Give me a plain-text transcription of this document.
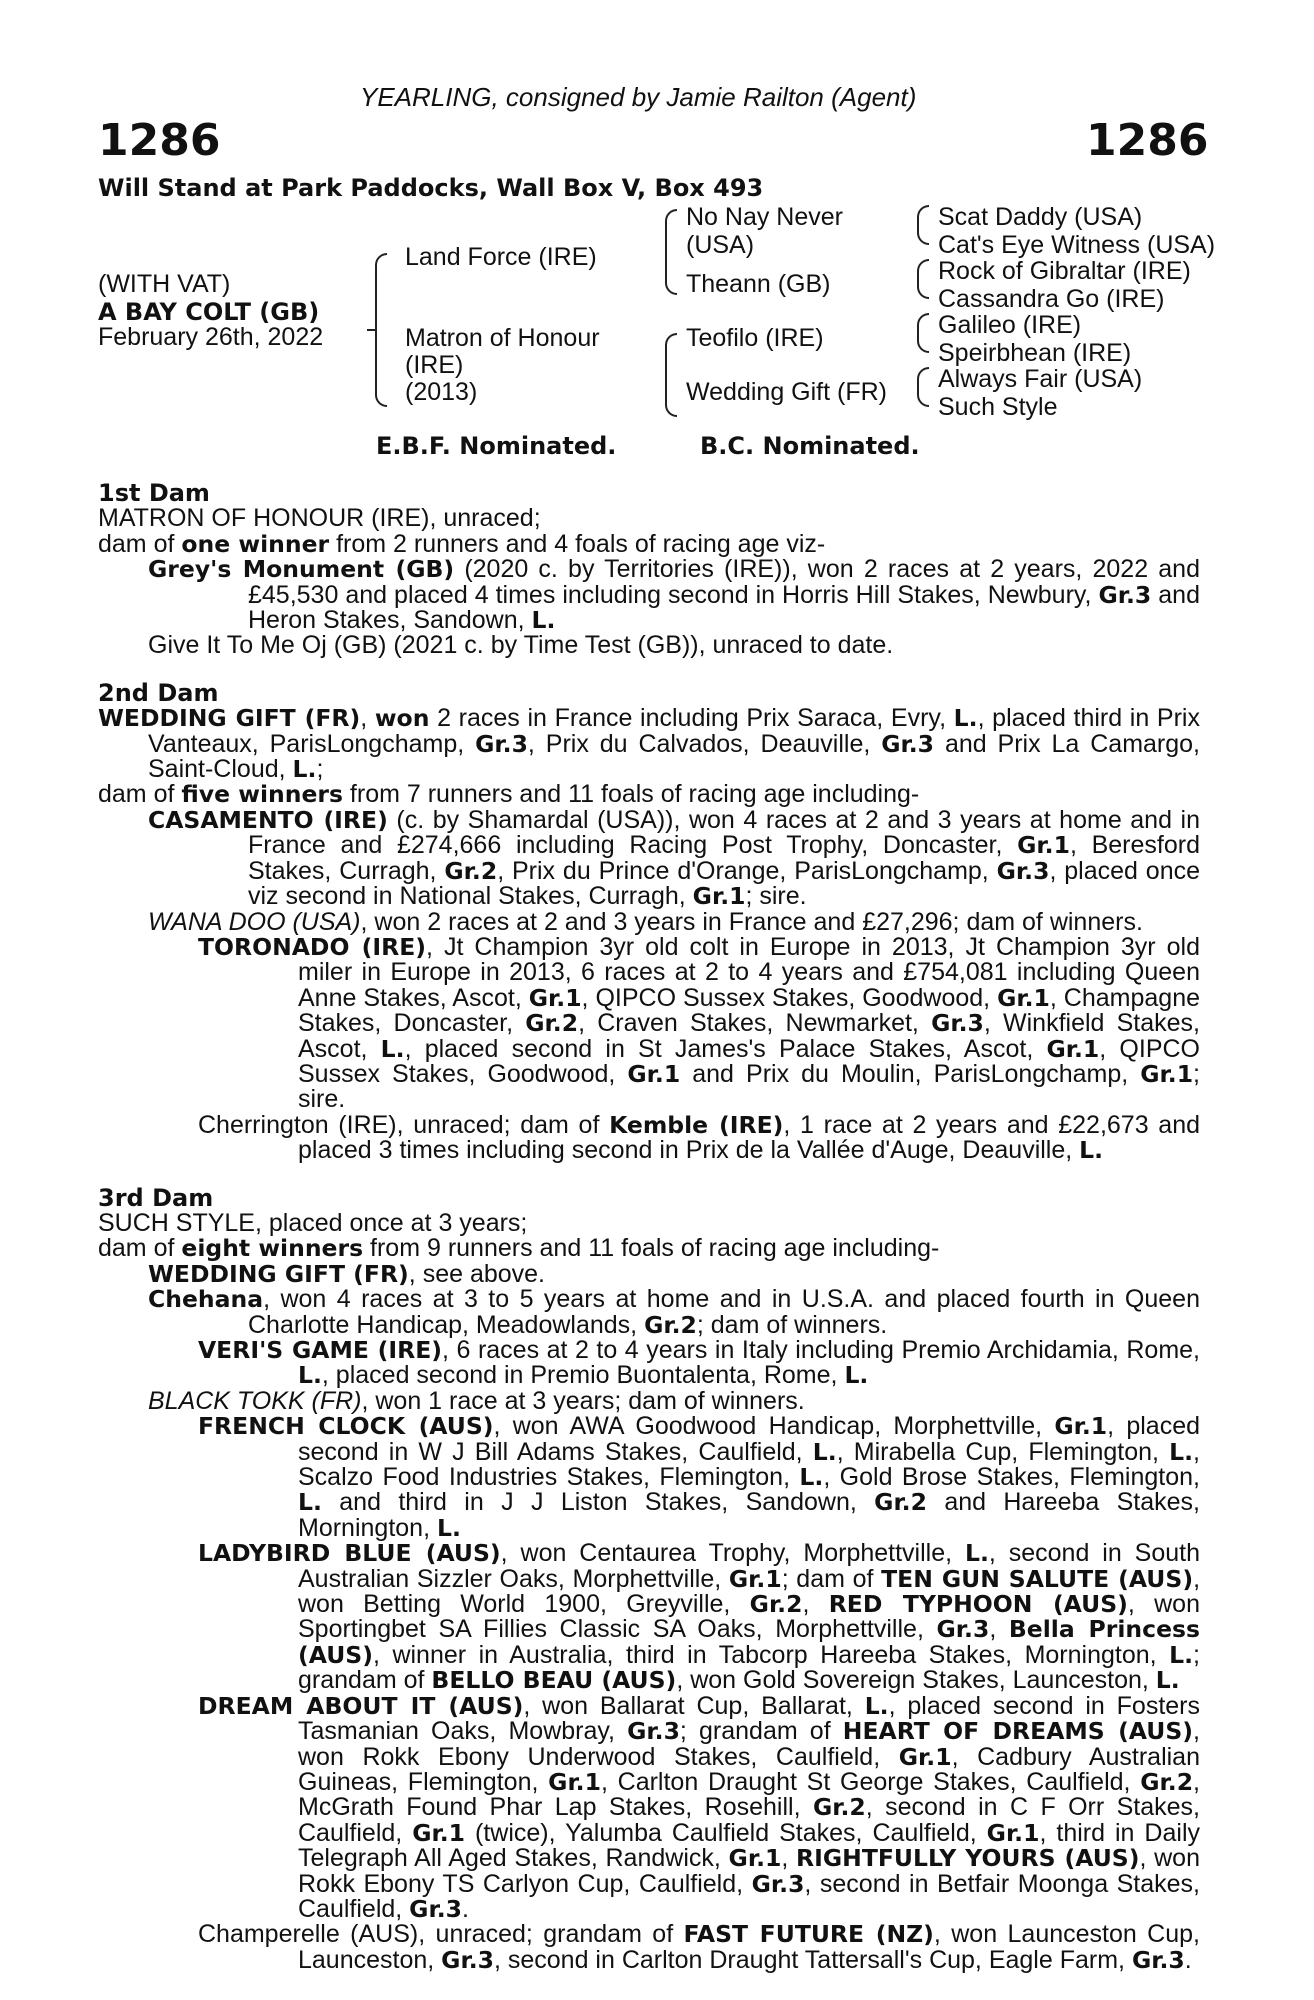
YEARLING, consigned by Jamie Railton (Agent)
1286	1286
Will Stand at Park Paddocks, Wall Box V, Box 493
(WITH VAT)
A BAY COLT (GB)
February 26th, 2022
Land Force (IRE)
Matron of Honour
(IRE)
(2013)
No Nay Never
(USA)
Theann (GB)
Teofilo (IRE)
Wedding Gift (FR)
Scat Daddy (USA)
Cat's Eye Witness (USA)
Rock of Gibraltar (IRE)
Cassandra Go (IRE)
Galileo (IRE)
Speirbhean (IRE)
Always Fair (USA)
Such Style
E.B.F. Nominated.	B.C. Nominated.

1st Dam

MATRON OF HONOUR (IRE), unraced;

dam of one winner from 2 runners and 4 foals of racing age viz-

Grey's Monument (GB) (2020 c. by Territories (IRE)), won 2 races at 2 years, 2022 and £45,530 and placed 4 times including second in Horris Hill Stakes, Newbury, Gr.3 and Heron Stakes, Sandown, L.

Give It To Me Oj (GB) (2021 c. by Time Test (GB)), unraced to date.

2nd Dam

WEDDING GIFT (FR), won 2 races in France including Prix Saraca, Evry, L., placed third in Prix Vanteaux, ParisLongchamp, Gr.3, Prix du Calvados, Deauville, Gr.3 and Prix La Camargo, Saint-Cloud, L.;

dam of five winners from 7 runners and 11 foals of racing age including-

CASAMENTO (IRE) (c. by Shamardal (USA)), won 4 races at 2 and 3 years at home and in France and £274,666 including Racing Post Trophy, Doncaster, Gr.1, Beresford Stakes, Curragh, Gr.2, Prix du Prince d'Orange, ParisLongchamp, Gr.3, placed once viz second in National Stakes, Curragh, Gr.1; sire.

WANA DOO (USA), won 2 races at 2 and 3 years in France and £27,296; dam of winners.

TORONADO (IRE), Jt Champion 3yr old colt in Europe in 2013, Jt Champion 3yr old miler in Europe in 2013, 6 races at 2 to 4 years and £754,081 including Queen Anne Stakes, Ascot, Gr.1, QIPCO Sussex Stakes, Goodwood, Gr.1, Champagne Stakes, Doncaster, Gr.2, Craven Stakes, Newmarket, Gr.3, Winkfield Stakes, Ascot, L., placed second in St James's Palace Stakes, Ascot, Gr.1, QIPCO Sussex Stakes, Goodwood, Gr.1 and Prix du Moulin, ParisLongchamp, Gr.1; sire.

Cherrington (IRE), unraced; dam of Kemble (IRE), 1 race at 2 years and £22,673 and placed 3 times including second in Prix de la Vallée d'Auge, Deauville, L.

3rd Dam

SUCH STYLE, placed once at 3 years;

dam of eight winners from 9 runners and 11 foals of racing age including-

WEDDING GIFT (FR), see above.

Chehana, won 4 races at 3 to 5 years at home and in U.S.A. and placed fourth in Queen Charlotte Handicap, Meadowlands, Gr.2; dam of winners.

VERI'S GAME (IRE), 6 races at 2 to 4 years in Italy including Premio Archidamia, Rome, L., placed second in Premio Buontalenta, Rome, L.

BLACK TOKK (FR), won 1 race at 3 years; dam of winners.

FRENCH CLOCK (AUS), won AWA Goodwood Handicap, Morphettville, Gr.1, placed second in W J Bill Adams Stakes, Caulfield, L., Mirabella Cup, Flemington, L., Scalzo Food Industries Stakes, Flemington, L., Gold Brose Stakes, Flemington, L. and third in J J Liston Stakes, Sandown, Gr.2 and Hareeba Stakes, Mornington, L.

LADYBIRD BLUE (AUS), won Centaurea Trophy, Morphettville, L., second in South Australian Sizzler Oaks, Morphettville, Gr.1; dam of TEN GUN SALUTE (AUS), won Betting World 1900, Greyville, Gr.2, RED TYPHOON (AUS), won Sportingbet SA Fillies Classic SA Oaks, Morphettville, Gr.3, Bella Princess (AUS), winner in Australia, third in Tabcorp Hareeba Stakes, Mornington, L.; grandam of BELLO BEAU (AUS), won Gold Sovereign Stakes, Launceston, L.

DREAM ABOUT IT (AUS), won Ballarat Cup, Ballarat, L., placed second in Fosters Tasmanian Oaks, Mowbray, Gr.3; grandam of HEART OF DREAMS (AUS), won Rokk Ebony Underwood Stakes, Caulfield, Gr.1, Cadbury Australian Guineas, Flemington, Gr.1, Carlton Draught St George Stakes, Caulfield, Gr.2, McGrath Found Phar Lap Stakes, Rosehill, Gr.2, second in C F Orr Stakes, Caulfield, Gr.1 (twice), Yalumba Caulfield Stakes, Caulfield, Gr.1, third in Daily Telegraph All Aged Stakes, Randwick, Gr.1, RIGHTFULLY YOURS (AUS), won Rokk Ebony TS Carlyon Cup, Caulfield, Gr.3, second in Betfair Moonga Stakes, Caulfield, Gr.3.

Champerelle (AUS), unraced; grandam of FAST FUTURE (NZ), won Launceston Cup, Launceston, Gr.3, second in Carlton Draught Tattersall's Cup, Eagle Farm, Gr.3.
